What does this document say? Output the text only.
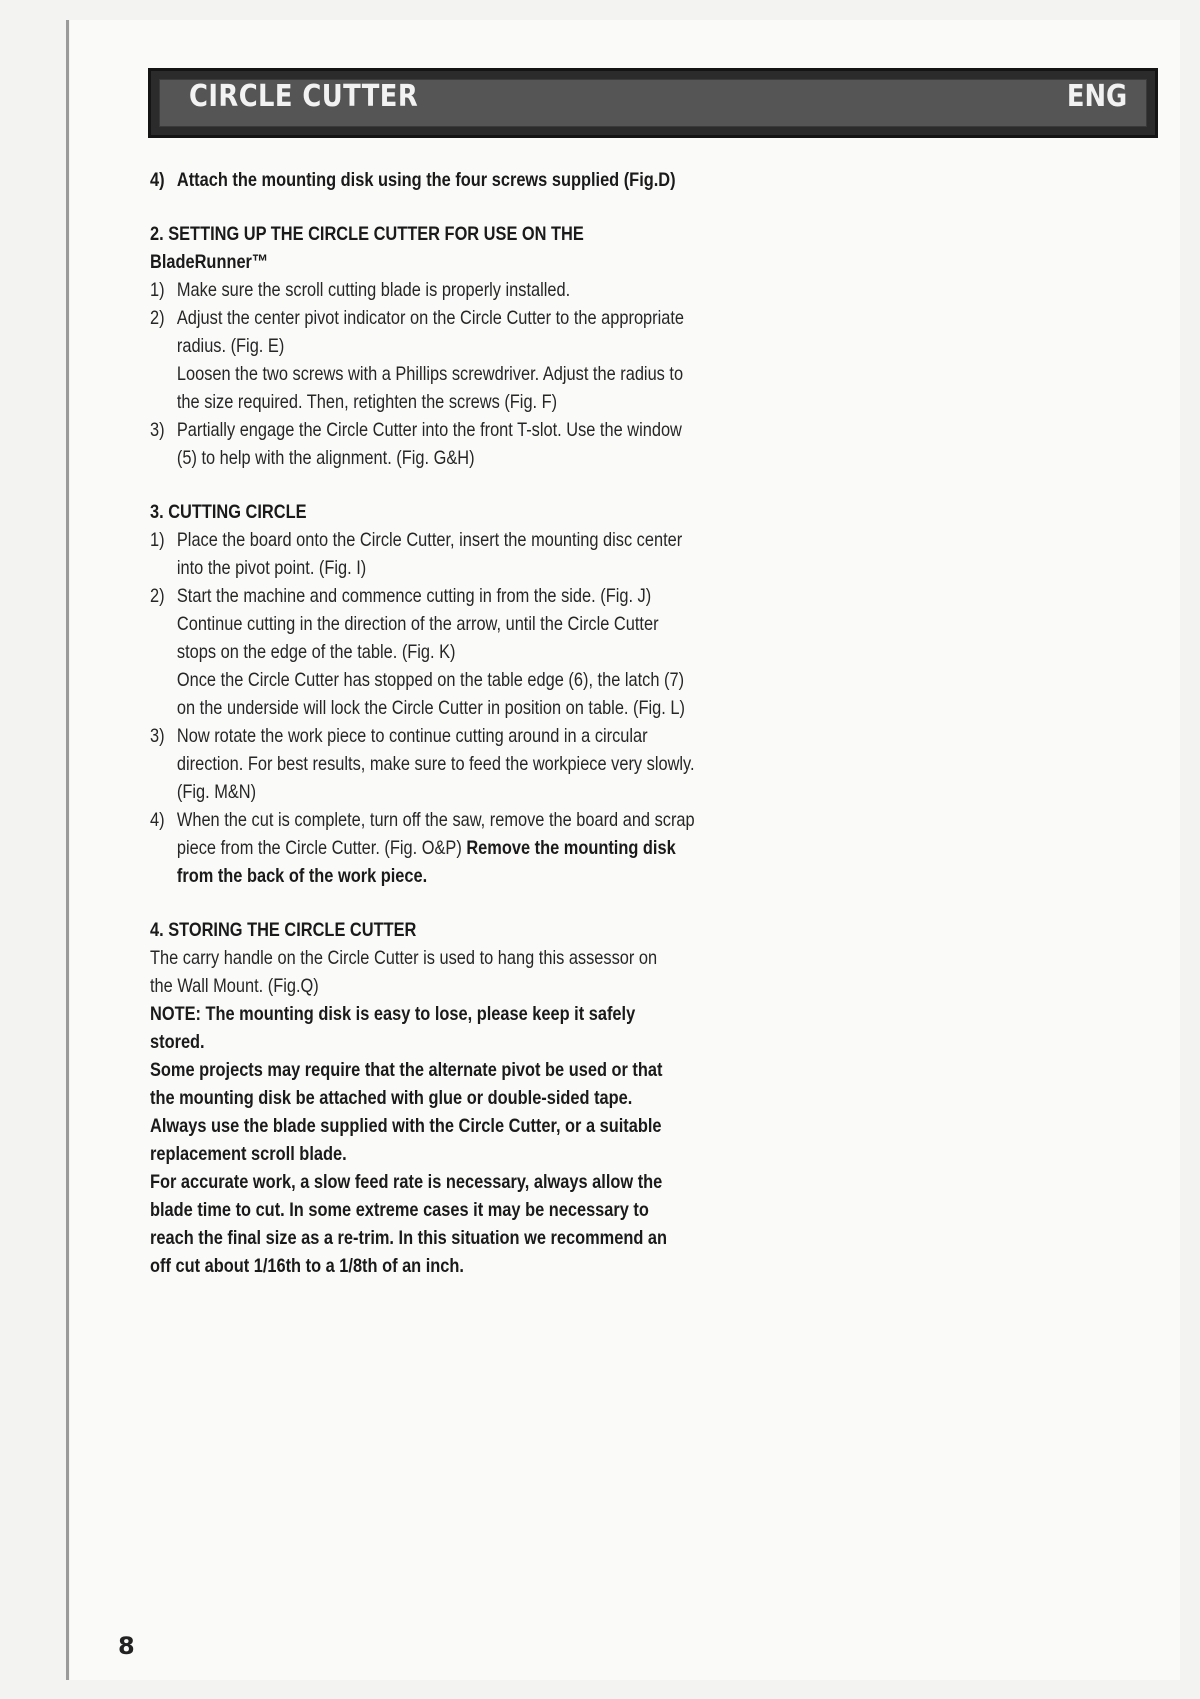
CIRCLE CUTTER	ENG
4) Attach the mounting disk using the four screws supplied (Fig.D)
2. SETTING UP THE CIRCLE CUTTER FOR USE ON THE BladeRunner™
1) Make sure the scroll cutting blade is properly installed.
2) Adjust the center pivot indicator on the Circle Cutter to the appropriate radius. (Fig. E)
Loosen the two screws with a Phillips screwdriver. Adjust the radius to the size required. Then, retighten the screws (Fig. F)
3) Partially engage the Circle Cutter into the front T-slot. Use the window (5) to help with the alignment. (Fig. G&H)
3. CUTTING CIRCLE
1) Place the board onto the Circle Cutter, insert the mounting disc center into the pivot point. (Fig. I)
2) Start the machine and commence cutting in from the side. (Fig. J)
Continue cutting in the direction of the arrow, until the Circle Cutter stops on the edge of the table. (Fig. K)
Once the Circle Cutter has stopped on the table edge (6), the latch (7) on the underside will lock the Circle Cutter in position on table. (Fig. L)
3) Now rotate the work piece to continue cutting around in a circular direction. For best results, make sure to feed the workpiece very slowly.(Fig. M&N)
4) When the cut is complete, turn off the saw, remove the board and scrap piece from the Circle Cutter. (Fig. O&P) Remove the mounting disk from the back of the work piece.
4. STORING THE CIRCLE CUTTER
The carry handle on the Circle Cutter is used to hang this assessor on the Wall Mount. (Fig.Q)
NOTE: The mounting disk is easy to lose, please keep it safely stored.
Some projects may require that the alternate pivot be used or that the mounting disk be attached with glue or double-sided tape.
Always use the blade supplied with the Circle Cutter, or a suitable replacement scroll blade.
For accurate work, a slow feed rate is necessary, always allow the blade time to cut. In some extreme cases it may be necessary to reach the final size as a re-trim. In this situation we recommend an off cut about 1/16th to a 1/8th of an inch.
8
